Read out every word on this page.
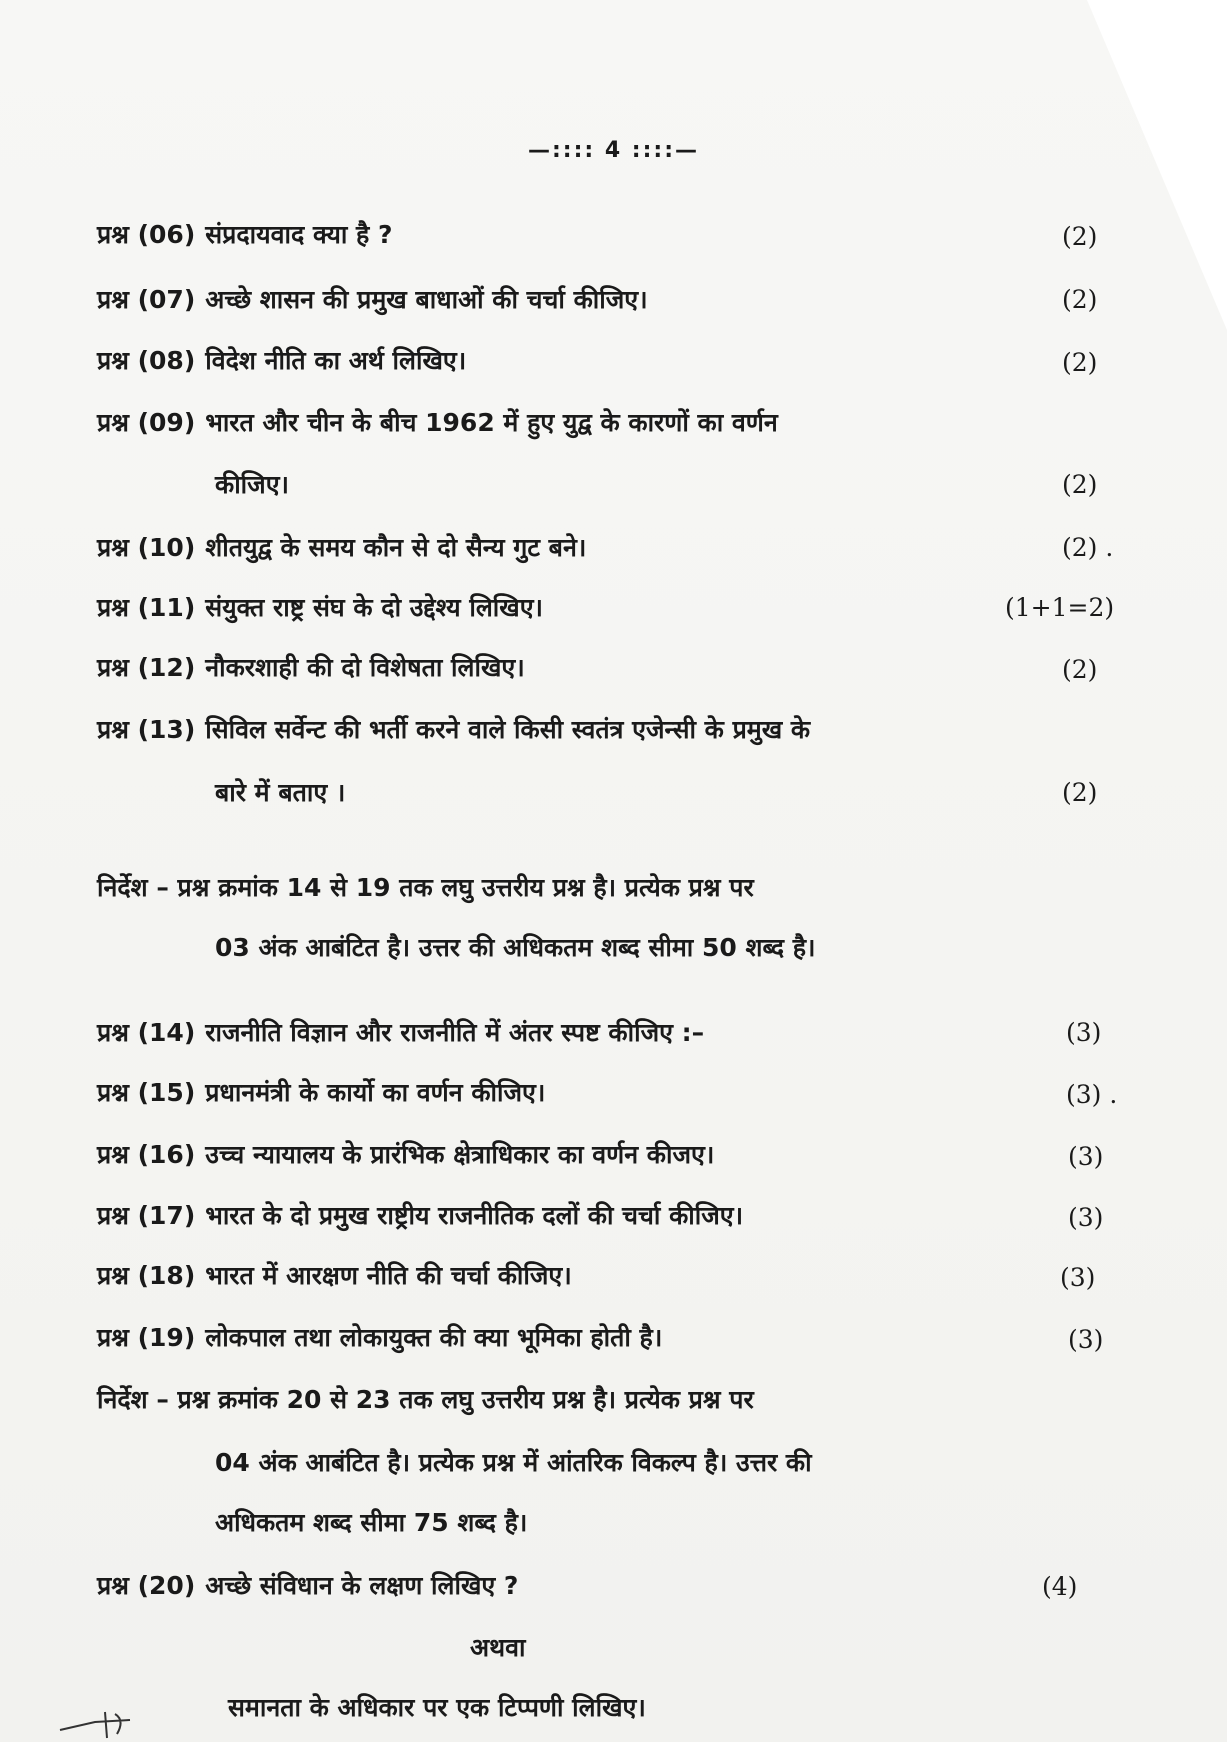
—:::: 4 ::::—
प्रश्न (06) संप्रदायवाद क्या है ?	(2)
प्रश्न (07) अच्छे शासन की प्रमुख बाधाओं की चर्चा कीजिए।	(2)
प्रश्न (08) विदेश नीति का अर्थ लिखिए।	(2)
प्रश्न (09) भारत और चीन के बीच 1962 में हुए युद्व के कारणों का वर्णन
कीजिए।	(2)
प्रश्न (10) शीतयुद्व के समय कौन से दो सैन्य गुट बने।	(2) .
प्रश्न (11) संयुक्त राष्ट्र संघ के दो उद्देश्य लिखिए।	(1+1=2)
प्रश्न (12) नौकरशाही की दो विशेषता लिखिए।	(2)
प्रश्न (13) सिविल सर्वेन्ट की भर्ती करने वाले किसी स्वतंत्र एजेन्सी के प्रमुख के
बारे में बताए ।	(2)
निर्देश – प्रश्न क्रमांक 14 से 19 तक लघु उत्तरीय प्रश्न है। प्रत्येक प्रश्न पर
03 अंक आबंटित है। उत्तर की अधिकतम शब्द सीमा 50 शब्द है।
प्रश्न (14) राजनीति विज्ञान और राजनीति में अंतर स्पष्ट कीजिए :–	(3)
प्रश्न (15) प्रधानमंत्री के कार्यो का वर्णन कीजिए।	(3) .
प्रश्न (16) उच्च न्यायालय के प्रारंभिक क्षेत्राधिकार का वर्णन कीजए।	(3)
प्रश्न (17) भारत के दो प्रमुख राष्ट्रीय राजनीतिक दलों की चर्चा कीजिए।	(3)
प्रश्न (18) भारत में आरक्षण नीति की चर्चा कीजिए।	(3)
प्रश्न (19) लोकपाल तथा लोकायुक्त की क्या भूमिका होती है।	(3)
निर्देश – प्रश्न क्रमांक 20 से 23 तक लघु उत्तरीय प्रश्न है। प्रत्येक प्रश्न पर
04 अंक आबंटित है। प्रत्येक प्रश्न में आंतरिक विकल्प है। उत्तर की
अधिकतम शब्द सीमा 75 शब्द है।
प्रश्न (20) अच्छे संविधान के लक्षण लिखिए ?	(4)
अथवा
समानता के अधिकार पर एक टिप्पणी लिखिए।
